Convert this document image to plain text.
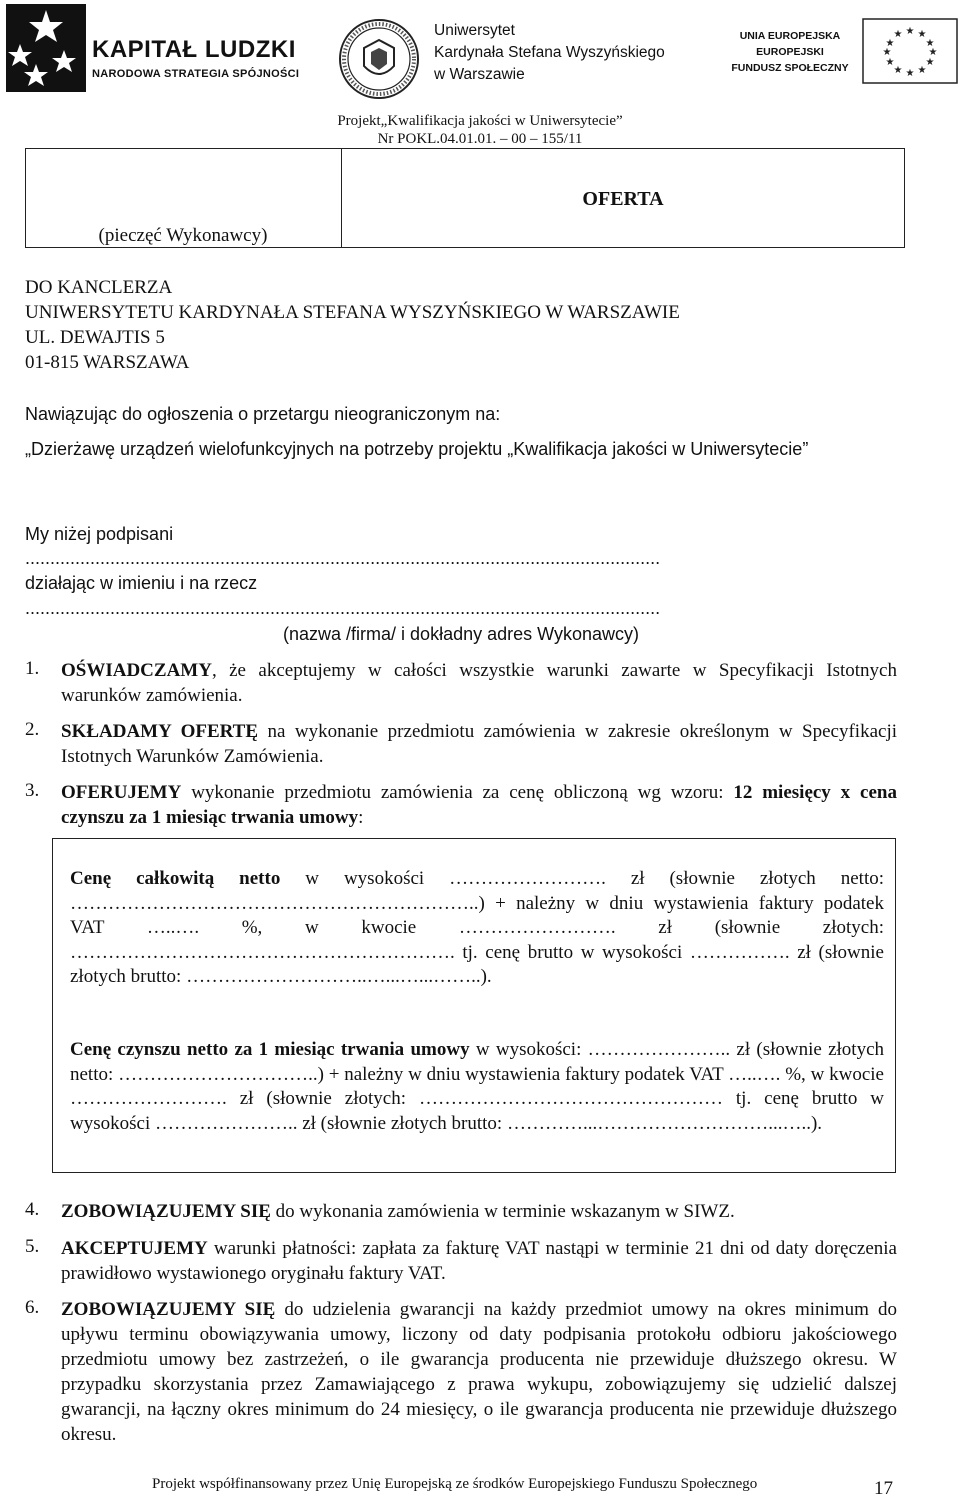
KAPITAŁ LUDZKI
NARODOWA STRATEGIA SPÓJNOŚCI
Uniwersytet
Kardynała Stefana Wyszyńskiego
w Warszawie
UNIA EUROPEJSKA
EUROPEJSKI
FUNDUSZ SPOŁECZNY
★ ★
★
★
★
★
★
★
★
★
★
★
Projekt„Kwalifikacja jakości w Uniwersytecie”
Nr POKL.04.01.01. – 00 – 155/11
(pieczęć Wykonawcy)
OFERTA
DO KANCLERZA
UNIWERSYTETU KARDYNAŁA STEFANA WYSZYŃSKIEGO W WARSZAWIE
UL. DEWAJTIS 5
01-815 WARSZAWA
Nawiązując do ogłoszenia o przetargu nieograniczonym na:
„Dzierżawę urządzeń wielofunkcyjnych na potrzeby projektu „Kwalifikacja jakości w Uniwersytecie”
My niżej podpisani
...............................................................................................................................
działając w imieniu i na rzecz
...............................................................................................................................
(nazwa /firma/ i dokładny adres Wykonawcy)
1. OŚWIADCZAMY, że akceptujemy w całości wszystkie warunki zawarte w Specyfikacji Istotnych warunków zamówienia.
2. SKŁADAMY OFERTĘ na wykonanie przedmiotu zamówienia w zakresie określonym w Specyfikacji Istotnych Warunków Zamówienia.
3. OFERUJEMY wykonanie przedmiotu zamówienia za cenę obliczoną wg wzoru: 12 miesięcy x cena czynszu za 1 miesiąc trwania umowy:
Cenę całkowitą netto w wysokości ……………………. zł (słownie złotych netto: ………………………………………………………..) + należny w dniu wystawienia faktury podatek VAT …..…. %, w kwocie ……………………. zł (słownie złotych: ……………………………………………………. tj. cenę brutto w wysokości ……………. zł (słownie złotych brutto: ………………………..…...…...……..).
Cenę czynszu netto za 1 miesiąc trwania umowy w wysokości: ………………….. zł (słownie złotych netto: …………………………..) + należny w dniu wystawienia faktury podatek VAT …..…. %, w kwocie ……………………. zł (słownie złotych: ………………………………………… tj. cenę brutto w wysokości ………………….. zł (słownie złotych brutto: …………...………………………...…..).
4. ZOBOWIĄZUJEMY SIĘ do wykonania zamówienia w terminie wskazanym w SIWZ.
5. AKCEPTUJEMY warunki płatności: zapłata za fakturę VAT nastąpi w terminie 21 dni od daty doręczenia prawidłowo wystawionego oryginału faktury VAT.
6. ZOBOWIĄZUJEMY SIĘ do udzielenia gwarancji na każdy przedmiot umowy na okres minimum do upływu terminu obowiązywania umowy, liczony od daty podpisania protokołu odbioru jakościowego przedmiotu umowy bez zastrzeżeń, o ile gwarancja producenta nie przewiduje dłuższego okresu. W przypadku skorzystania przez Zamawiającego z prawa wykupu, zobowiązujemy się udzielić dalszej gwarancji, na łączny okres minimum do 24 miesięcy, o ile gwarancja producenta nie przewiduje dłuższego okresu.
Projekt współfinansowany przez Unię Europejską ze środków Europejskiego Funduszu Społecznego	17
